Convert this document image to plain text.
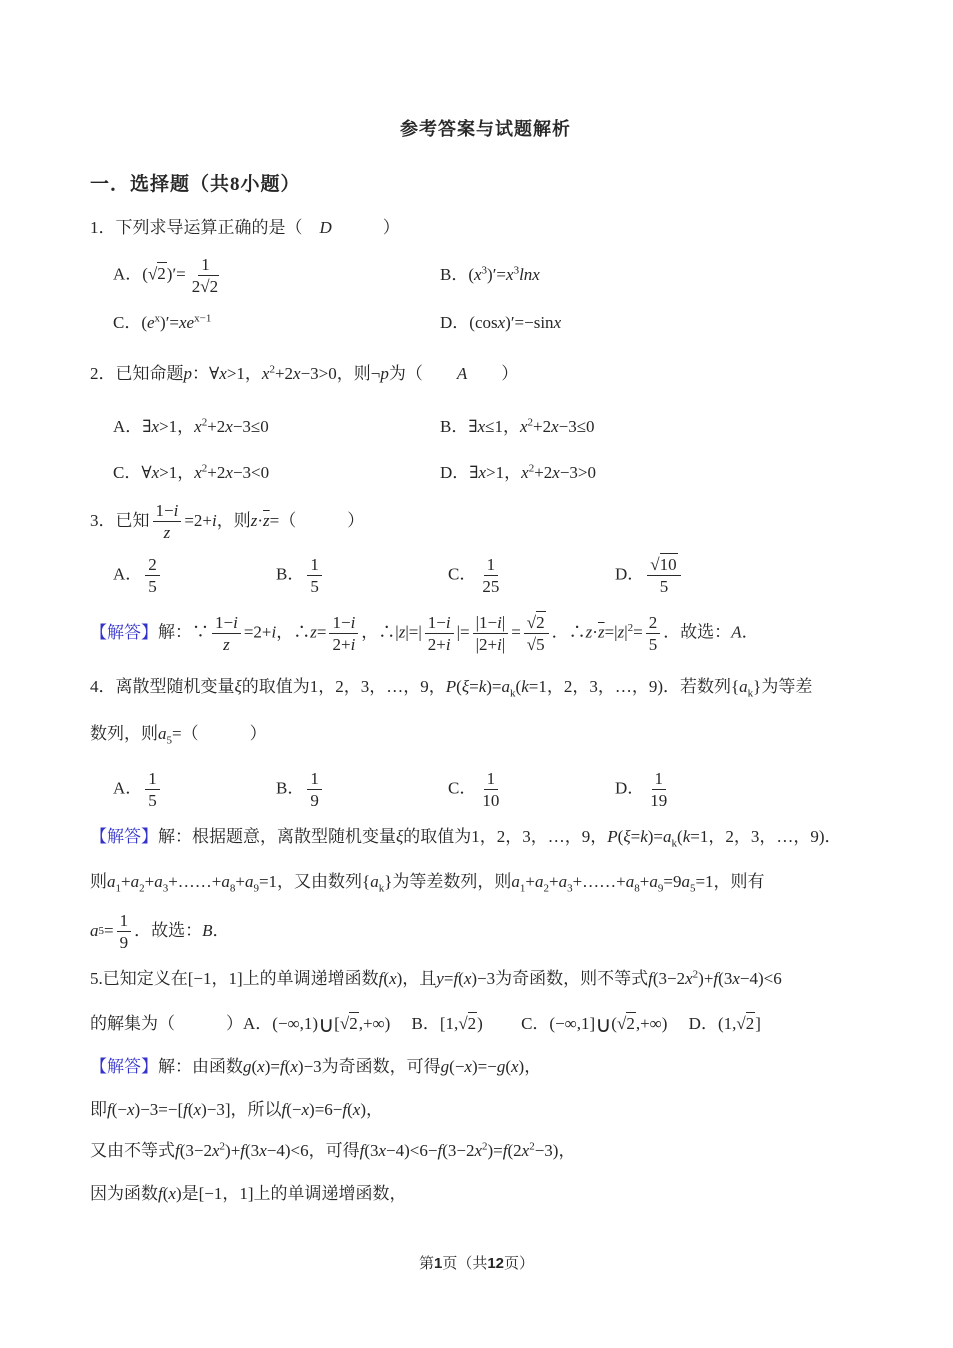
参考答案与试题解析
一．选择题（共8小题）
1．下列求导运算正确的是（　D　　　）
A．$(√2)'= \frac{1}{2√2}$	B．$(x^3)'=x^3\ln x$
C．$(e^x)'=xe^{x-1}$	D．(cosx)′=−sinx
2．已知命题p：∀x>1，$x^2+2x-3>0$，则¬p为（　　A　　）
A．∃x>1，$x^2+2x-3\le 0$	B．∃x≤1，$x^2+2x-3\le 0$
C．∀x>1，$x^2+2x-3<0$	D．∃x>1，$x^2+2x-3>0$
3．已知
1−i
z
=2+ i ，则 $z \cdot \overline{z}$ =（　　　）
A． $\frac{2}{5}$	B． $\frac{1}{5}$	C． $\frac{1}{25}$	D． $\frac{√10}{5}$
【解答】 解：∵ $\frac{1-i}{z} =2+i$，∴z= $\frac{1-i}{2+i}$ ，∴|z|=| $\frac{1-i}{2+i}$ |= $\frac{|1-i|}{|2+i|} = \frac{√2}{√5}$ ．$\therefore z\cdot\overline{z}=|z|^2= \frac{2}{5}$ ．故选：A．
4．离散型随机变量ξ的取值为1，2，3，…，9，$P(\xi=k)=a_k(k=1$，2，3，…，9)．若数列$\{a_k\}$为等差
数列，则$a_5=$（　　　）
A． $\frac{1}{5}$	B． $\frac{1}{9}$	C． $\frac{1}{10}$	D． $\frac{1}{19}$
【解答】解：根据题意，离散型随机变量ξ的取值为1，2，3，…，9，$P(\xi=k)=a_k(k=1$，2，3，…，9)．
则$a_1+a_2+a_3+\dots\dots+a_8+a_9=1$，又由数列$\{a_k\}$为等差数列，则$a_1+a_2+a_3+\dots\dots+a_8+a_9=9a_5=1$，则有
a 5 =
1
9
．故选： B ．
5.已知定义在[−1，1]上的单调递增函数f(x)，且y=f(x)−3为奇函数，则不等式$f(3-2x^2)+f(3x-4)<6$
的解集为（　　　）A．(−∞,1)∪[√2,+∞)　 B．[1,√2)　　 C．(−∞,1]∪(√2,+∞)　 D．(1,√2]
【解答】解：由函数g(x)=f(x)−3为奇函数，可得g(−x)=−g(x)，
即f(−x)−3=−[f(x)−3]，所以f(−x)=6−f(x)，
又由不等式$f(3-2x^2)+f(3x-4)<6$，可得$f(3x-4)<6-f(3-2x^2)=f(2x^2-3)$，
因为函数f(x)是[−1，1]上的单调递增函数，
第1页（共12页）
